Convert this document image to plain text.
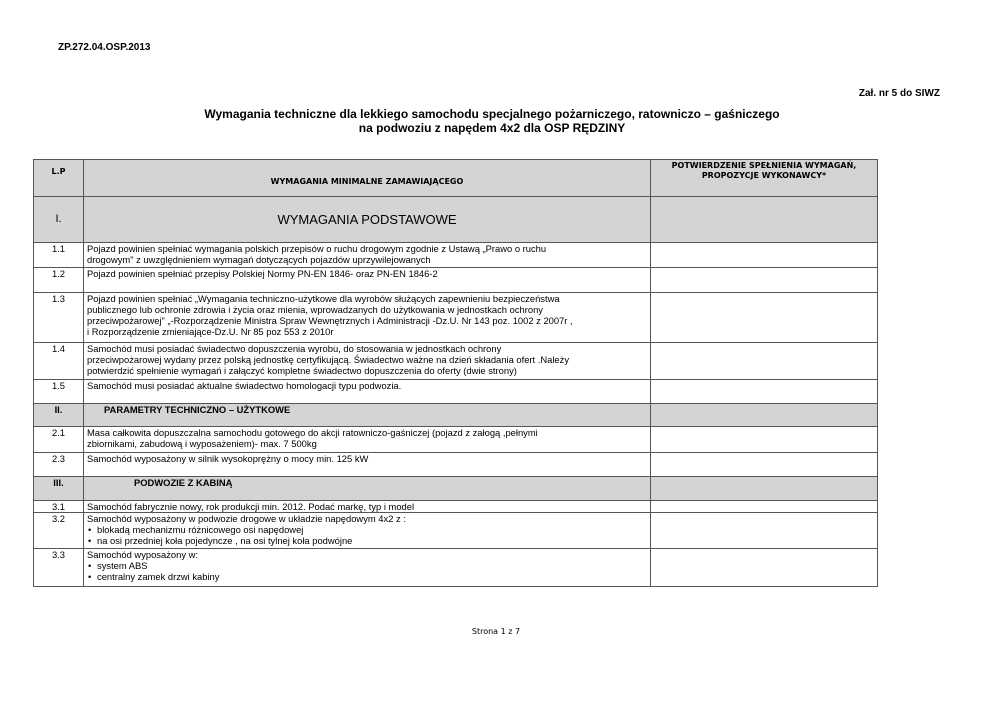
ZP.272.04.OSP.2013
Zał. nr 5 do SIWZ
Wymagania techniczne dla lekkiego samochodu specjalnego pożarniczego, ratowniczo – gaśniczego
na podwoziu z napędem 4x2 dla OSP RĘDZINY
L.P	WYMAGANIA MINIMALNE ZAMAWIAJĄCEGO	POTWIERDZENIE SPEŁNIENIA WYMAGAŃ,
PROPOZYCJE WYKONAWCY*

I.	WYMAGANIA PODSTAWOWE	
1.1	Pojazd powinien spełniać wymagania polskich przepisów o ruchu drogowym zgodnie z Ustawą „Prawo o ruchu
drogowym" z uwzględnieniem wymagań dotyczących pojazdów uprzywilejowanych	

1.2	Pojazd powinien spełniać przepisy Polskiej Normy PN-EN 1846- oraz PN-EN 1846-2	
1.3	Pojazd powinien spełniać „Wymagania techniczno-użytkowe dla wyrobów służących zapewnieniu bezpieczeństwa
publicznego lub ochronie zdrowia i życia oraz mienia, wprowadzanych do użytkowania w jednostkach ochrony
przeciwpożarowej" „-Rozporządzenie Ministra Spraw Wewnętrznych i Administracji -Dz.U. Nr 143 poz. 1002 z 2007r ,
i Rozporządzenie zmieniające-Dz.U. Nr 85 poz 553 z 2010r	

1.4	Samochód musi posiadać świadectwo dopuszczenia wyrobu, do stosowania w jednostkach ochrony
przeciwpożarowej wydany przez polską jednostkę certyfikującą. Świadectwo ważne na dzień składania ofert .Należy
potwierdzić spełnienie wymagań i załączyć kompletne świadectwo dopuszczenia do oferty (dwie strony)	

1.5	Samochód musi posiadać aktualne świadectwo homologacji typu podwozia.	
II.	PARAMETRY TECHNICZNO – UŻYTKOWE	
2.1	Masa całkowita dopuszczalna samochodu gotowego do akcji ratowniczo-gaśniczej (pojazd z załogą ,pełnymi
zbiornikami, zabudową i wyposażeniem)- max. 7 500kg	

2.3	Samochód wyposażony w silnik wysokoprężny o mocy min. 125 kW	
III.	PODWOZIE Z KABINĄ	
3.1	Samochód fabrycznie nowy, rok produkcji min. 2012. Podać markę, typ i model	
3.2	Samochód wyposażony w podwozie drogowe w układzie napędowym 4x2 z :
• blokadą mechanizmu różnicowego osi napędowej
• na osi przedniej koła pojedyncze , na osi tylnej koła podwójne

3.3	Samochód wyposażony w:
• system ABS
• centralny zamek drzwi kabiny

Strona 1 z 7
